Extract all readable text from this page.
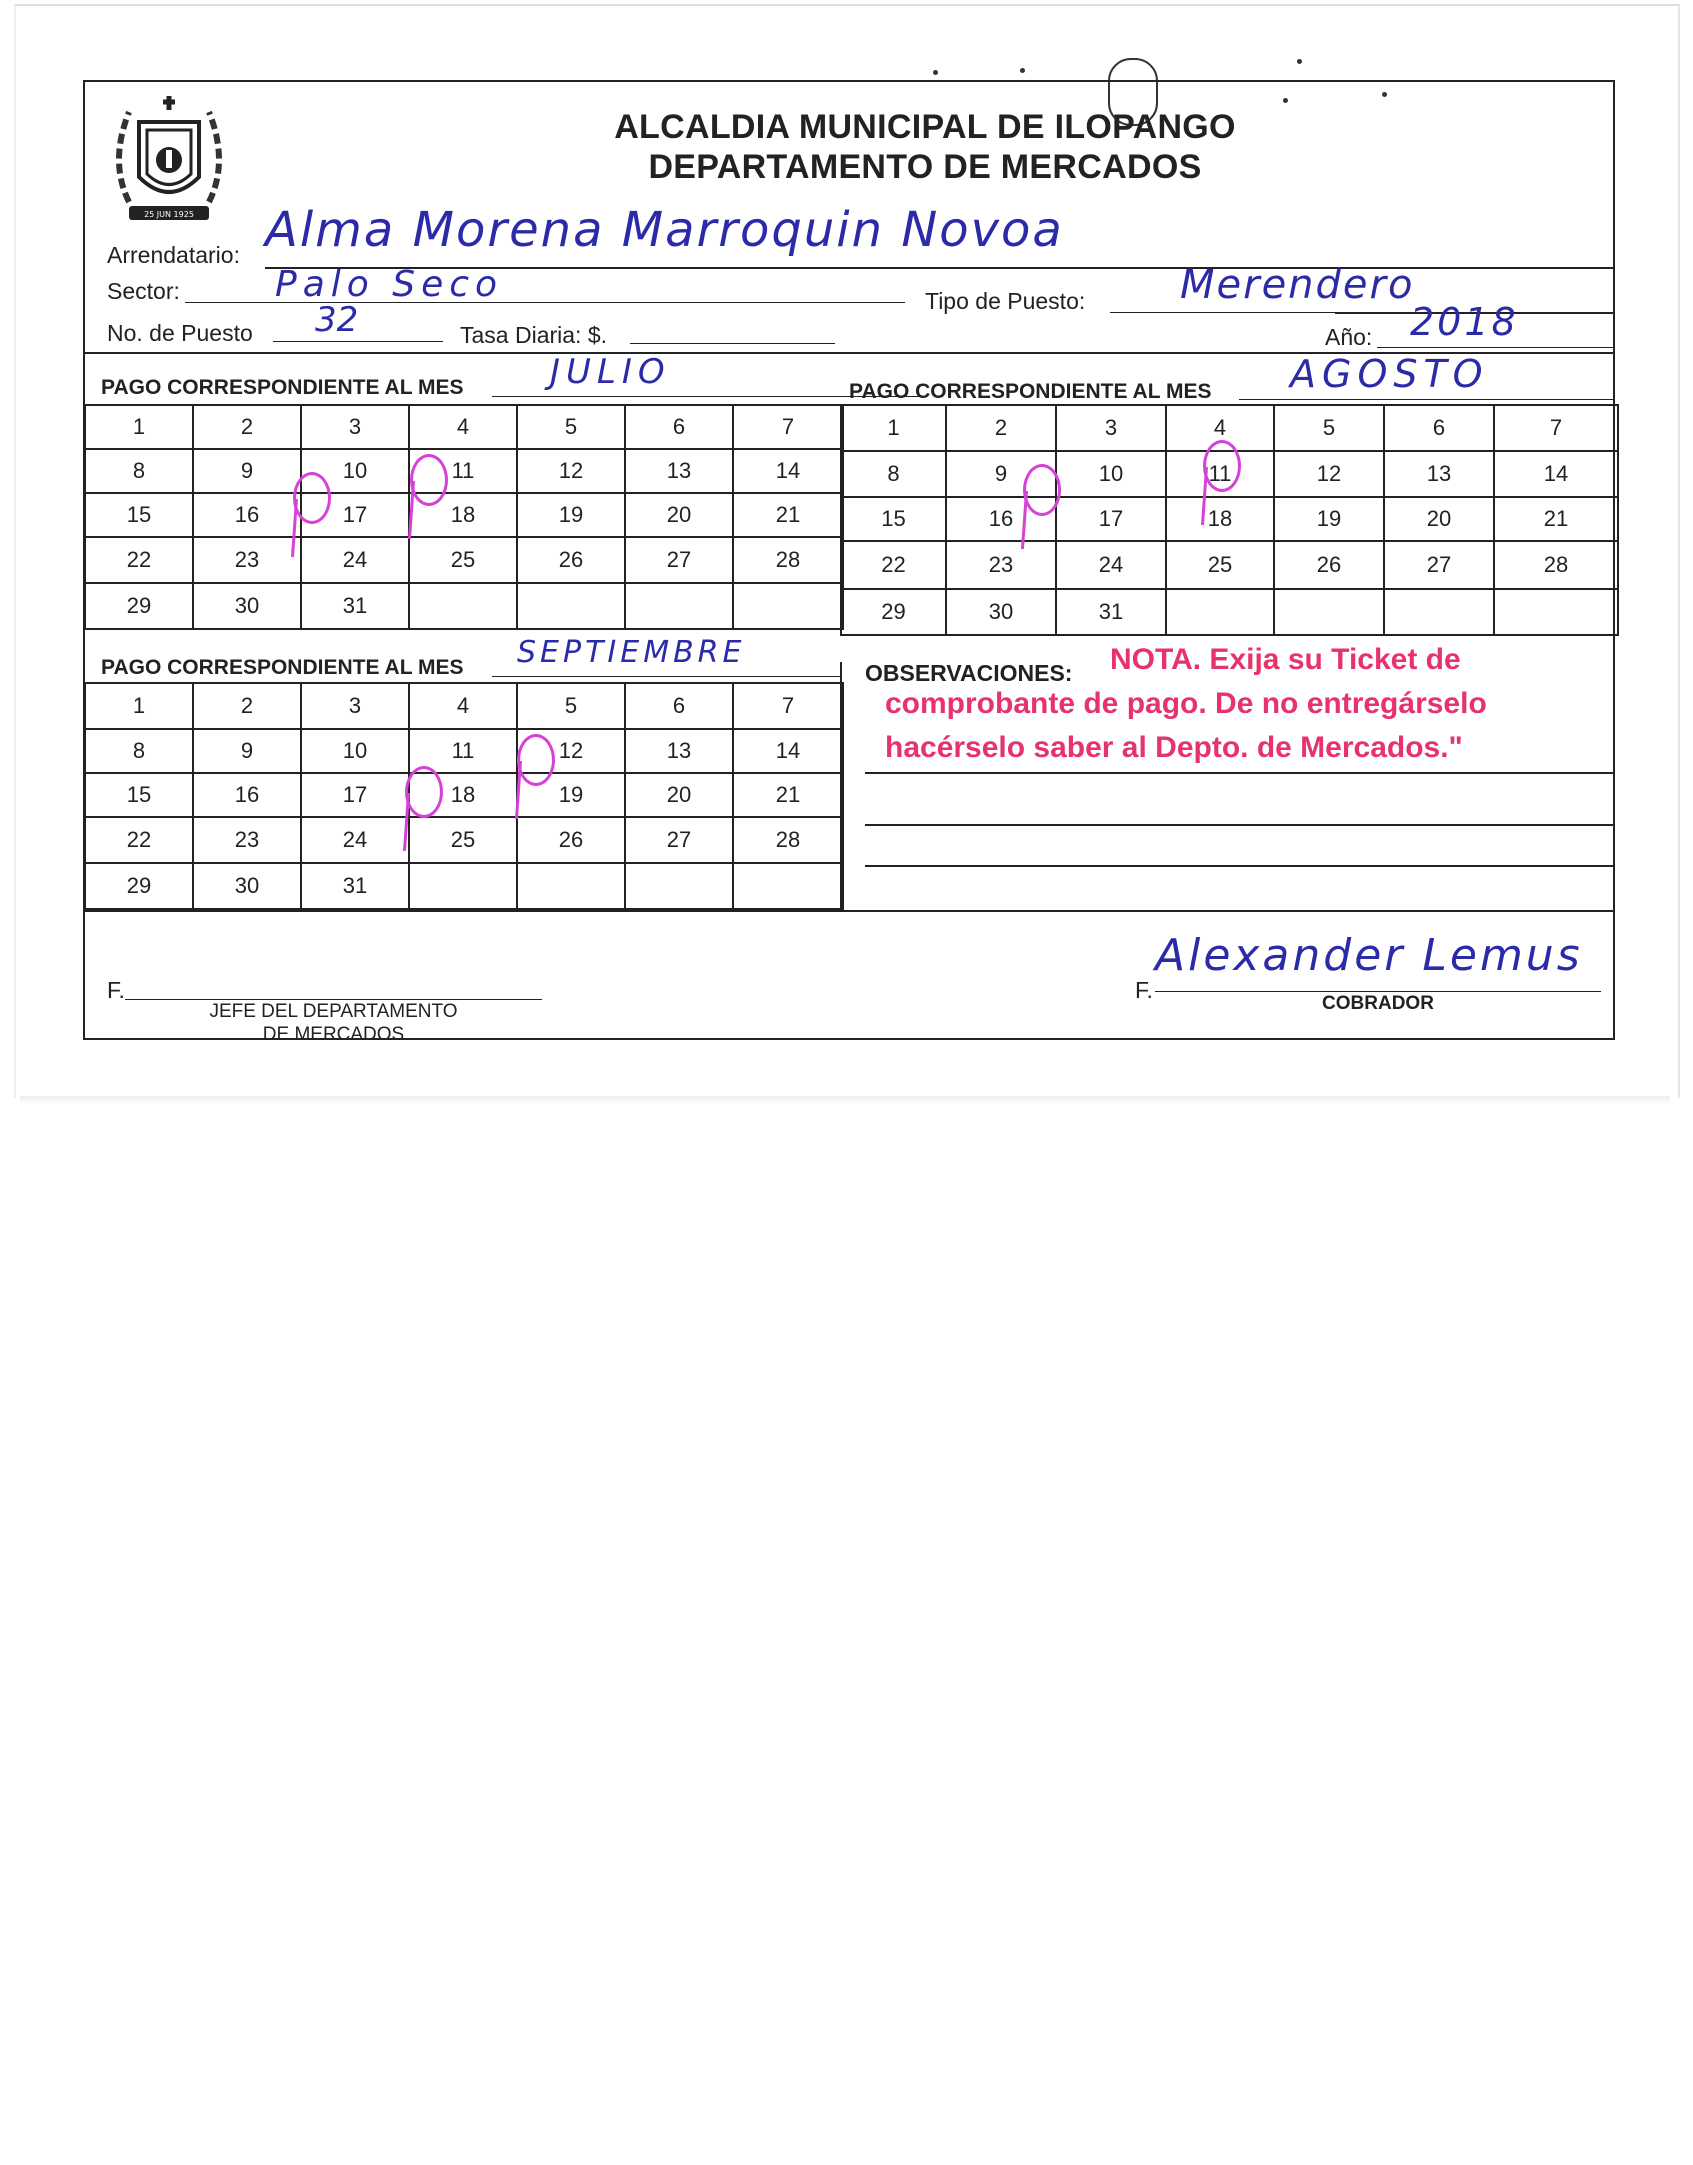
25 JUN 1925
ALCALDIA MUNICIPAL DE ILOPANGO
DEPARTAMENTO DE MERCADOS
Arrendatario: Alma Morena Marroquin Novoa
Sector:	Palo Seco	Tipo de Puesto: Merendero
No. de Puesto 32	Tasa Diaria: $.	Año: 2018
PAGO CORRESPONDIENTE AL MES	JULIO	PAGO CORRESPONDIENTE AL MES AGOSTO
1	2	3	4	5	6	7
8	9	10	11	12	13	14
15	16	17	18	19	20	21
22	23	24	25	26	27	28
29	30	31				
1	2	3	4	5	6	7
8	9	10	11	12	13	14
15	16	17	18	19	20	21
22	23	24	25	26	27	28
29	30	31				
PAGO CORRESPONDIENTE AL MES SEPTIEMBRE
1	2	3	4	5	6	7
8	9	10	11	12	13	14
15	16	17	18	19	20	21
22	23	24	25	26	27	28
29	30	31				
OBSERVACIONES: NOTA. Exija su Ticket de
comprobante de pago. De no entregárselo
hacérselo saber al Depto. de Mercados."
F.
JEFE DEL DEPARTAMENTO
DE MERCADOS
F.
Alexander Lemus
COBRADOR
